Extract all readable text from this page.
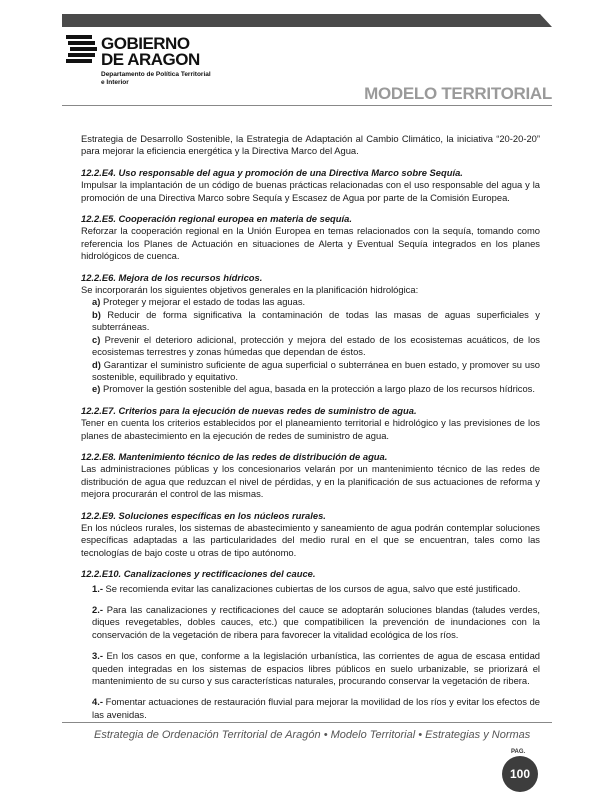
GOBIERNO
DE ARAGON
Departamento de Política Territorial
e Interior
MODELO TERRITORIAL

Estrategia de Desarrollo Sostenible, la Estrategia de Adaptación al Cambio Climático, la iniciativa “20-20-20” para mejorar la eficiencia energética y la Directiva Marco del Agua.

12.2.E4. Uso responsable del agua y promoción de una Directiva Marco sobre Sequía.
Impulsar la implantación de un código de buenas prácticas relacionadas con el uso responsable del agua y la promoción de una Directiva Marco sobre Sequía y Escasez de Agua por parte de la Comisión Europea.

12.2.E5. Cooperación regional europea en materia de sequía.
Reforzar la cooperación regional en la Unión Europea en temas relacionados con la sequía, tomando como referencia los Planes de Actuación en situaciones de Alerta y Eventual Sequía integrados en los planes hidrológicos de cuenca.

12.2.E6. Mejora de los recursos hídricos.
Se incorporarán los siguientes objetivos generales en la planificación hidrológica:
a) Proteger y mejorar el estado de todas las aguas.
b) Reducir de forma significativa la contaminación de todas las masas de aguas superficiales y subterráneas.
c) Prevenir el deterioro adicional, protección y mejora del estado de los ecosistemas acuáticos, de los ecosistemas terrestres y zonas húmedas que dependan de éstos.
d) Garantizar el suministro suficiente de agua superficial o subterránea en buen estado, y promover su uso sostenible, equilibrado y equitativo.
e) Promover la gestión sostenible del agua, basada en la protección a largo plazo de los recursos hídricos.

12.2.E7. Criterios para la ejecución de nuevas redes de suministro de agua.
Tener en cuenta los criterios establecidos por el planeamiento territorial e hidrológico y las previsiones de los planes de abastecimiento en la ejecución de redes de suministro de agua.

12.2.E8. Mantenimiento técnico de las redes de distribución de agua.
Las administraciones públicas y los concesionarios velarán por un mantenimiento técnico de las redes de distribución de agua que reduzcan el nivel de pérdidas, y en la planificación de sus actuaciones de reforma y mejora procurarán el control de las mismas.

12.2.E9. Soluciones específicas en los núcleos rurales.
En los núcleos rurales, los sistemas de abastecimiento y saneamiento de agua podrán contemplar soluciones específicas adaptadas a las particularidades del medio rural en el que se encuentran, tales como las tecnologías de bajo coste u otras de tipo autónomo.

12.2.E10. Canalizaciones y rectificaciones del cauce.

1.- Se recomienda evitar las canalizaciones cubiertas de los cursos de agua, salvo que esté justificado.

2.- Para las canalizaciones y rectificaciones del cauce se adoptarán soluciones blandas (taludes verdes, diques revegetables, dobles cauces, etc.) que compatibilicen la prevención de inundaciones con la conservación de la vegetación de ribera para favorecer la vitalidad ecológica de los ríos.

3.- En los casos en que, conforme a la legislación urbanística, las corrientes de agua de escasa entidad queden integradas en los sistemas de espacios libres públicos en suelo urbanizable, se priorizará el mantenimiento de su curso y sus características naturales, procurando conservar la vegetación de ribera.

4.- Fomentar actuaciones de restauración fluvial para mejorar la movilidad de los ríos y evitar los efectos de las avenidas.

Estrategia de Ordenación Territorial de Aragón • Modelo Territorial • Estrategias y Normas
PAG.
100
